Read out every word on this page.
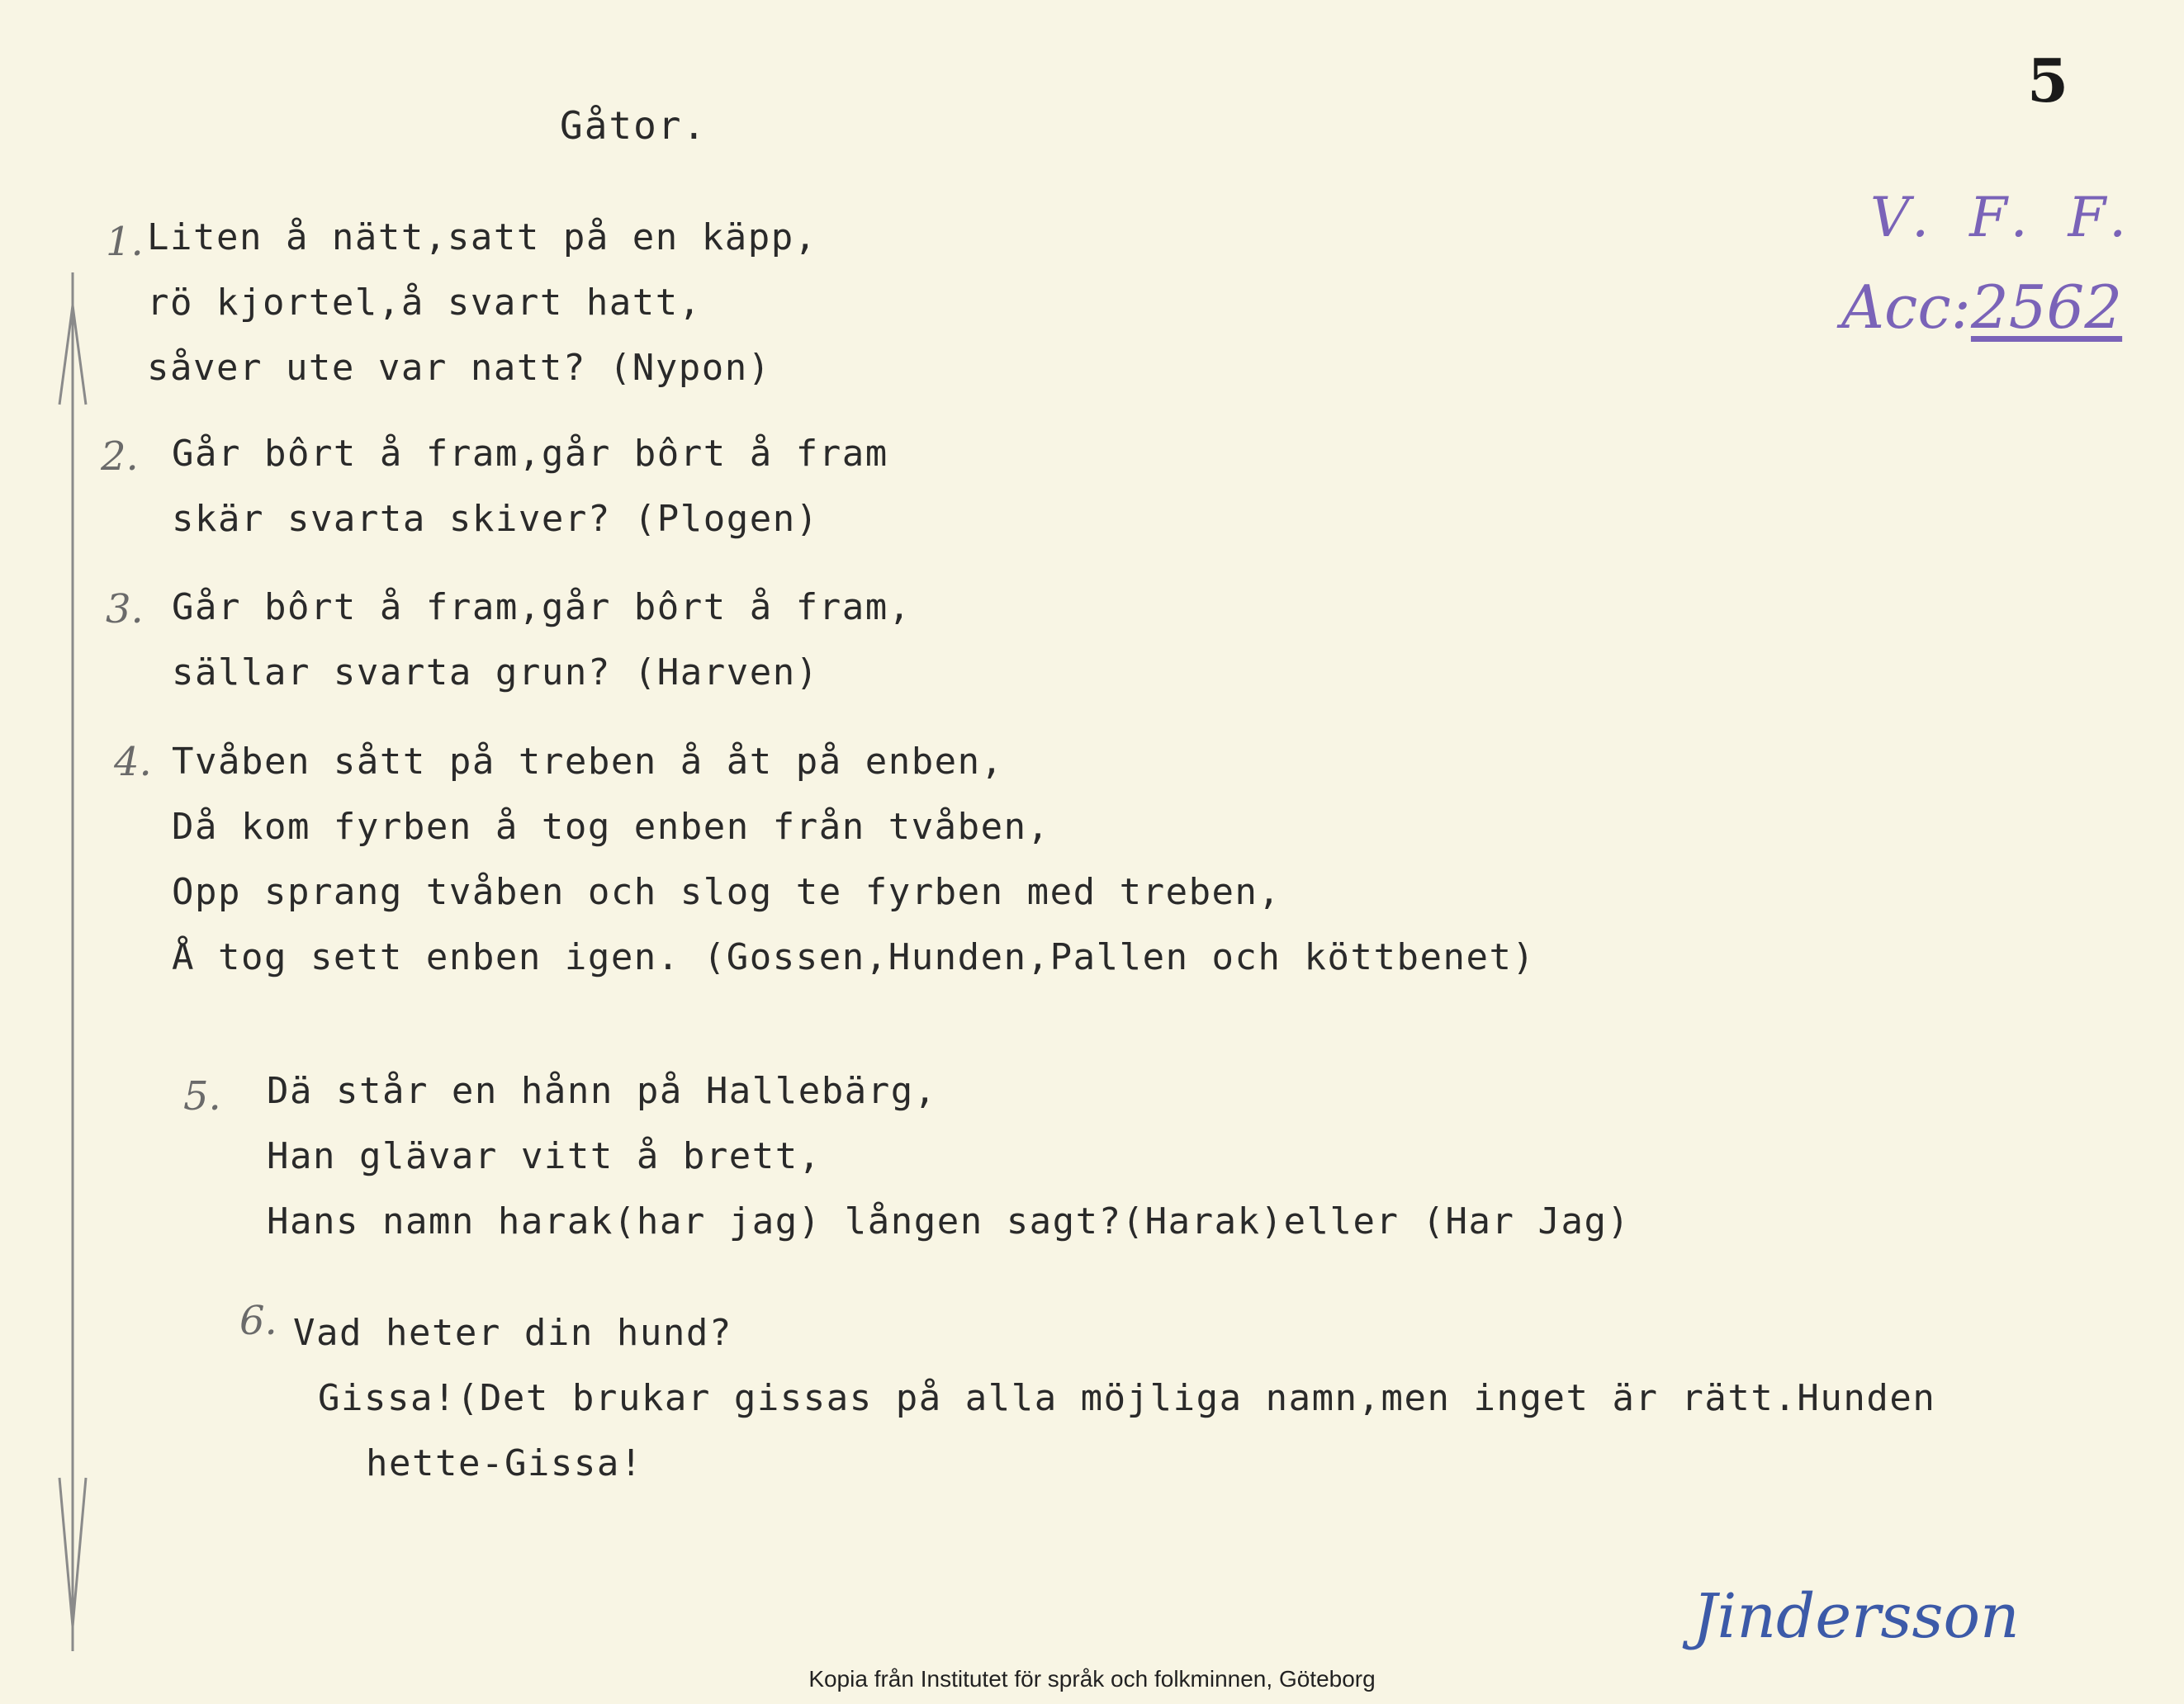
5
Gåtor.
V. F. F.
Acc:2562
1.
2.
3.
4.
5.
6.
Liten å nätt,satt på en käpp,
rö kjortel,å svart hatt,
såver ute var natt? (Nypon)
Går bôrt å fram,går bôrt å fram
skär svarta skiver? (Plogen)
Går bôrt å fram,går bôrt å fram,
sällar svarta grun? (Harven)
Tvåben sått på treben å åt på enben,
Då kom fyrben å tog enben från tvåben,
Opp sprang tvåben och slog te fyrben med treben,
Å tog sett enben igen. (Gossen,Hunden,Pallen och köttbenet)
Dä står en hånn på Hallebärg,
Han glävar vitt å brett,
Hans namn harak(har jag) lången sagt?(Harak)eller (Har Jag)
Vad heter din hund?
Gissa!(Det brukar gissas på alla möjliga namn,men inget är rätt.Hunden
hette-Gissa!
Jindersson
Kopia från Institutet för språk och folkminnen, Göteborg
